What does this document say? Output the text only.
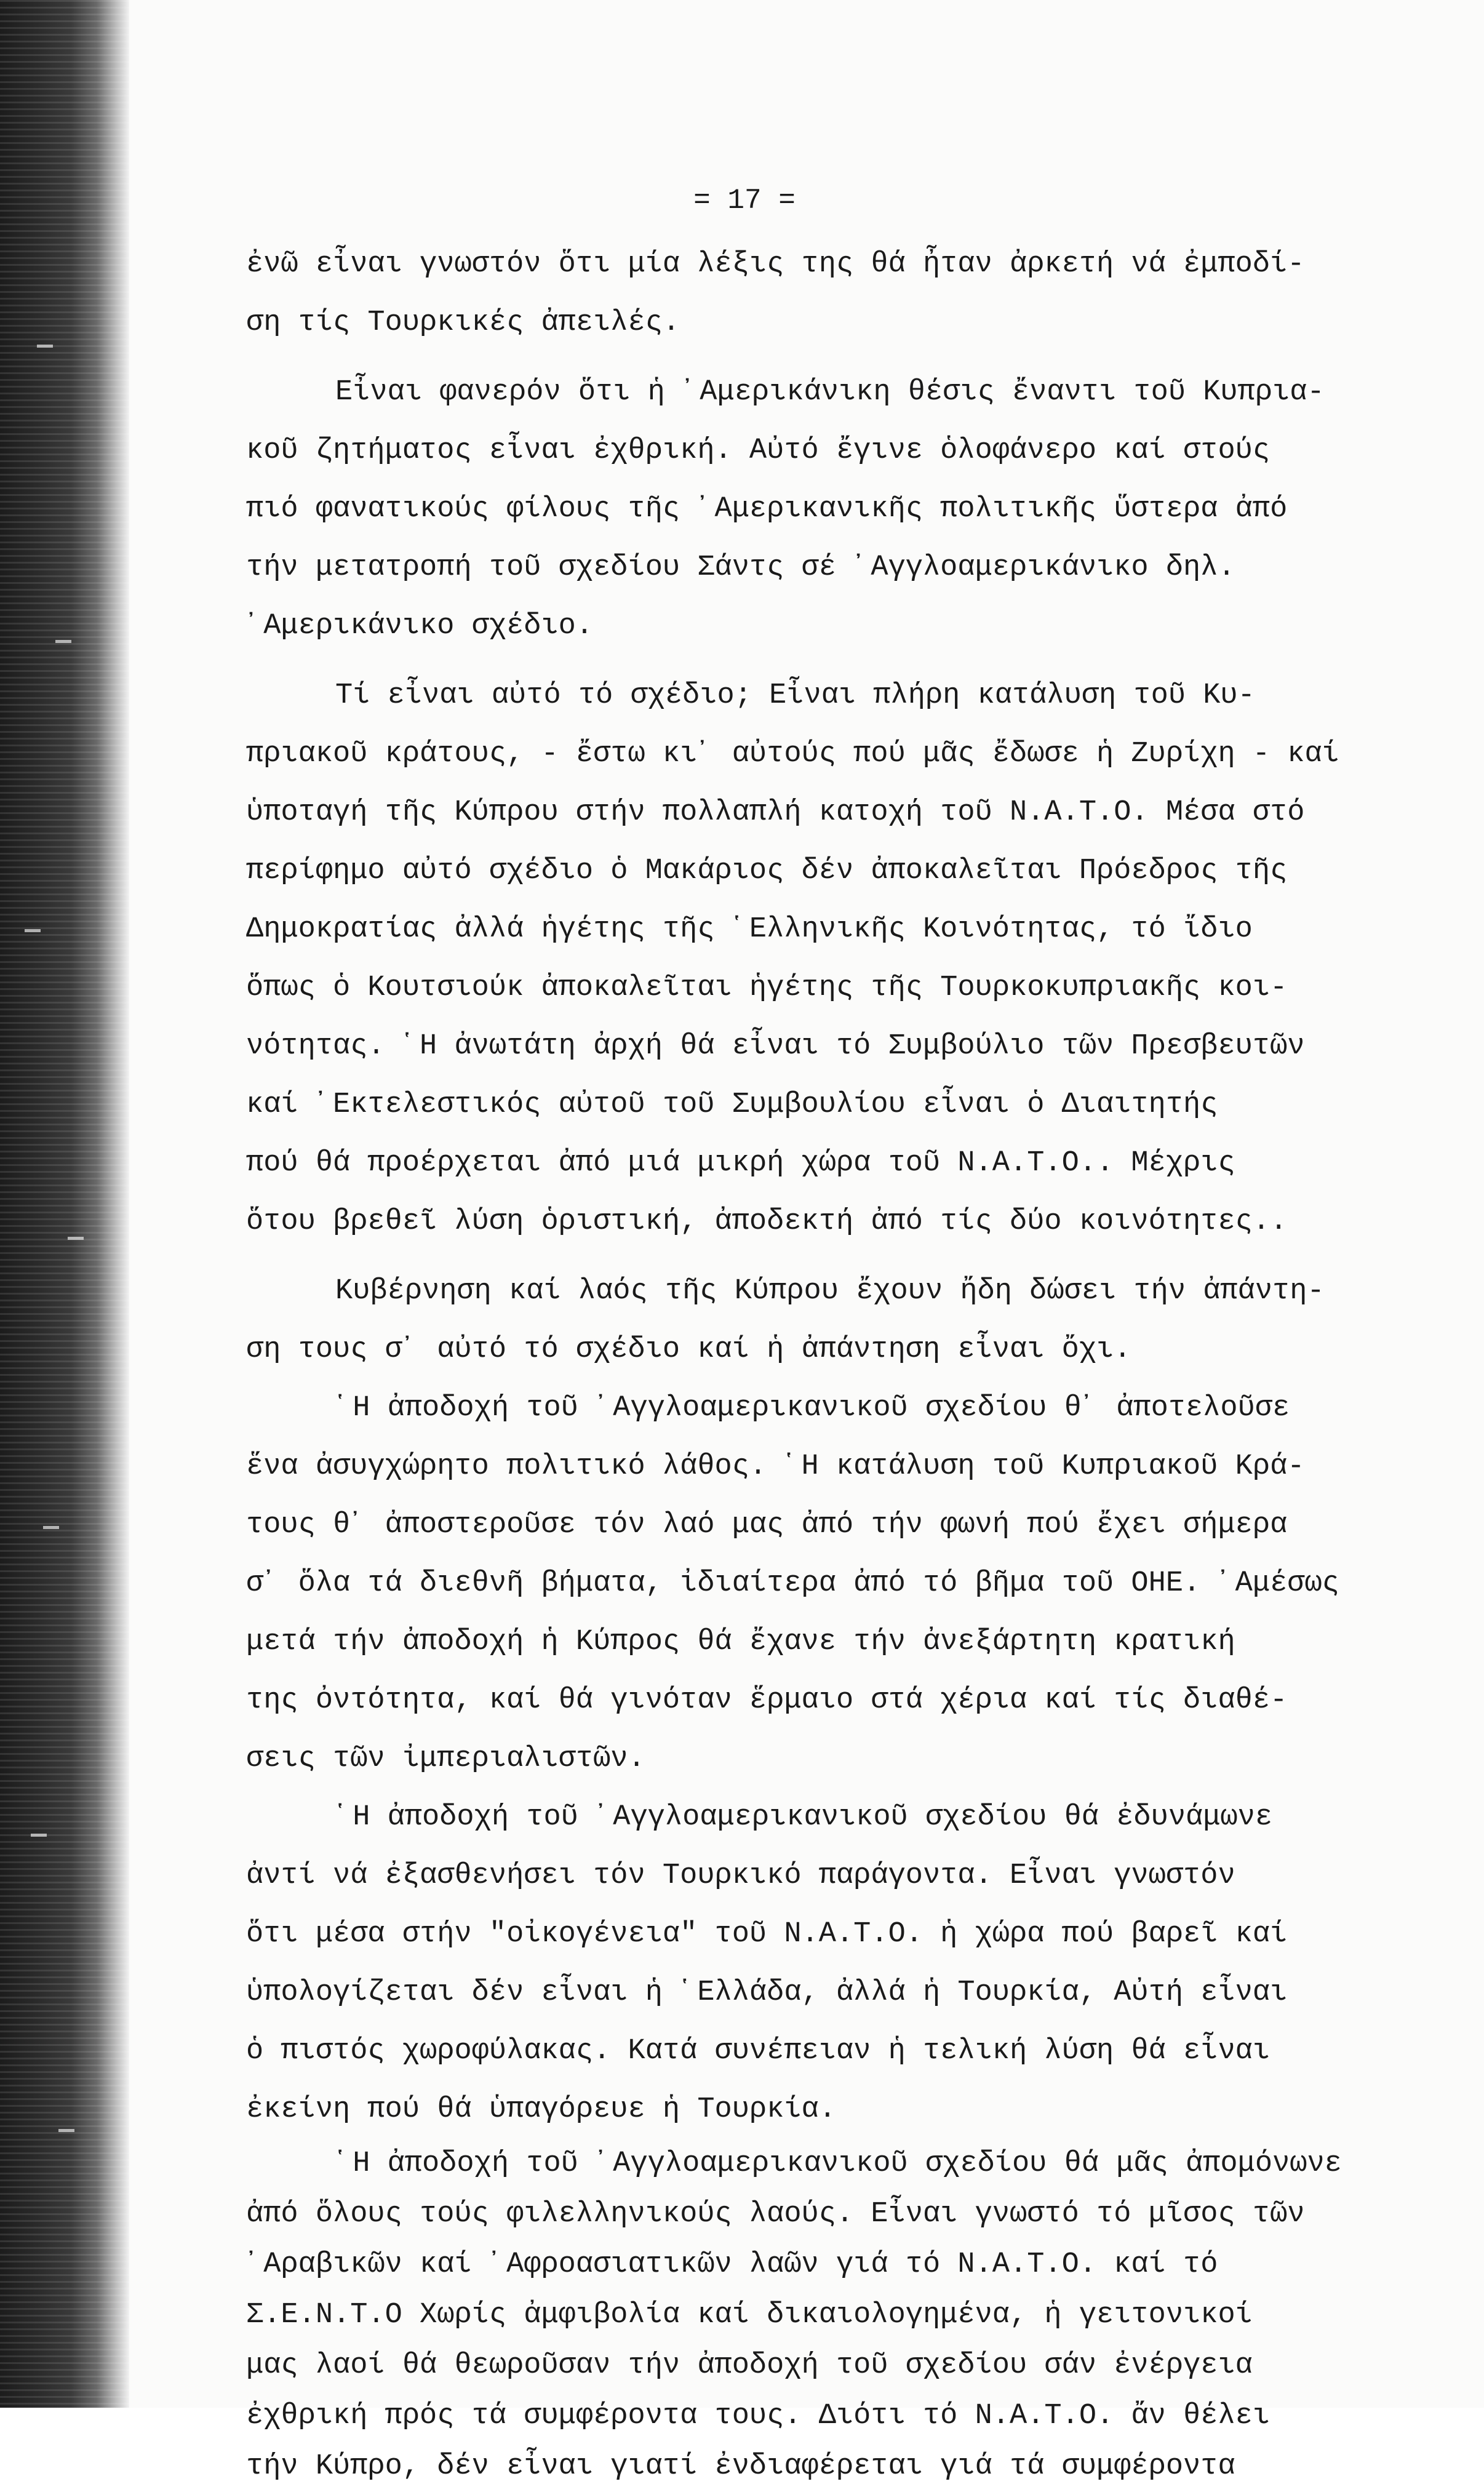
= 17 =
ἐνῶ εἶναι γνωστόν ὅτι μία λέξις της θά ἦταν ἀρκετή νά ἐμποδί-
ση τίς Τουρκικές ἀπειλές.
Εἶναι φανερόν ὅτι ἡ ᾽Αμερικάνικη θέσις ἔναντι τοῦ Κυπρια-
κοῦ ζητήματος εἶναι ἐχθρική. Αὐτό ἔγινε ὁλοφάνερο καί στούς
πιό φανατικούς φίλους τῆς ᾽Αμερικανικῆς πολιτικῆς ὕστερα ἀπό
τήν μετατροπή τοῦ σχεδίου Σάντς σέ ᾽Αγγλοαμερικάνικο δηλ.
᾽Αμερικάνικο σχέδιο.
Τί εἶναι αὐτό τό σχέδιο; Εἶναι πλήρη κατάλυση τοῦ Κυ-
πριακοῦ κράτους, - ἔστω κι᾽ αὐτούς πού μᾶς ἔδωσε ἡ Ζυρίχη - καί
ὑποταγή τῆς Κύπρου στήν πολλαπλή κατοχή τοῦ Ν.Α.Τ.Ο. Μέσα στό
περίφημο αὐτό σχέδιο ὁ Μακάριος δέν ἀποκαλεῖται Πρόεδρος τῆς
Δημοκρατίας ἀλλά ἡγέτης τῆς ῾Ελληνικῆς Κοινότητας, τό ἴδιο
ὅπως ὁ Κουτσιούκ ἀποκαλεῖται ἡγέτης τῆς Τουρκοκυπριακῆς κοι-
νότητας. ῾Η ἀνωτάτη ἀρχή θά εἶναι τό Συμβούλιο τῶν Πρεσβευτῶν
καί ᾽Εκτελεστικός αὐτοῦ τοῦ Συμβουλίου εἶναι ὁ Διαιτητής
πού θά προέρχεται ἀπό μιά μικρή χώρα τοῦ Ν.Α.Τ.Ο.. Μέχρις
ὅτου βρεθεῖ λύση ὁριστική, ἀποδεκτή ἀπό τίς δύο κοινότητες..
Κυβέρνηση καί λαός τῆς Κύπρου ἔχουν ἤδη δώσει τήν ἀπάντη-
ση τους σ᾽ αὐτό τό σχέδιο καί ἡ ἀπάντηση εἶναι ὄχι.
῾Η ἀποδοχή τοῦ ᾽Αγγλοαμερικανικοῦ σχεδίου θ᾽ ἀποτελοῦσε
ἕνα ἀσυγχώρητο πολιτικό λάθος. ῾Η κατάλυση τοῦ Κυπριακοῦ Κρά-
τους θ᾽ ἀποστεροῦσε τόν λαό μας ἀπό τήν φωνή πού ἔχει σήμερα
σ᾽ ὅλα τά διεθνῆ βήματα, ἰδιαίτερα ἀπό τό βῆμα τοῦ ΟΗΕ. ᾽Αμέσως
μετά τήν ἀποδοχή ἡ Κύπρος θά ἔχανε τήν ἀνεξάρτητη κρατική
της ὀντότητα, καί θά γινόταν ἕρμαιο στά χέρια καί τίς διαθέ-
σεις τῶν ἰμπεριαλιστῶν.
῾Η ἀποδοχή τοῦ ᾽Αγγλοαμερικανικοῦ σχεδίου θά ἐδυνάμωνε
ἀντί νά ἐξασθενήσει τόν Τουρκικό παράγοντα. Εἶναι γνωστόν
ὅτι μέσα στήν "οἰκογένεια" τοῦ Ν.Α.Τ.Ο. ἡ χώρα πού βαρεῖ καί
ὑπολογίζεται δέν εἶναι ἡ ῾Ελλάδα, ἀλλά ἡ Τουρκία, Αὐτή εἶναι
ὁ πιστός χωροφύλακας. Κατά συνέπειαν ἡ τελική λύση θά εἶναι
ἐκείνη πού θά ὑπαγόρευε ἡ Τουρκία.
῾Η ἀποδοχή τοῦ ᾽Αγγλοαμερικανικοῦ σχεδίου θά μᾶς ἀπομόνωνε
ἀπό ὅλους τούς φιλελληνικούς λαούς. Εἶναι γνωστό τό μῖσος τῶν
᾽Αραβικῶν καί ᾽Αφροασιατικῶν λαῶν γιά τό Ν.Α.Τ.Ο. καί τό
Σ.Ε.Ν.Τ.Ο Χωρίς ἀμφιβολία καί δικαιολογημένα, ἡ γειτονικοί
μας λαοί θά θεωροῦσαν τήν ἀποδοχή τοῦ σχεδίου σάν ἐνέργεια
ἐχθρική πρός τά συμφέροντα τους. Διότι τό Ν.Α.Τ.Ο. ἄν θέλει
τήν Κύπρο, δέν εἶναι γιατί ἐνδιαφέρεται γιά τά συμφέροντα
